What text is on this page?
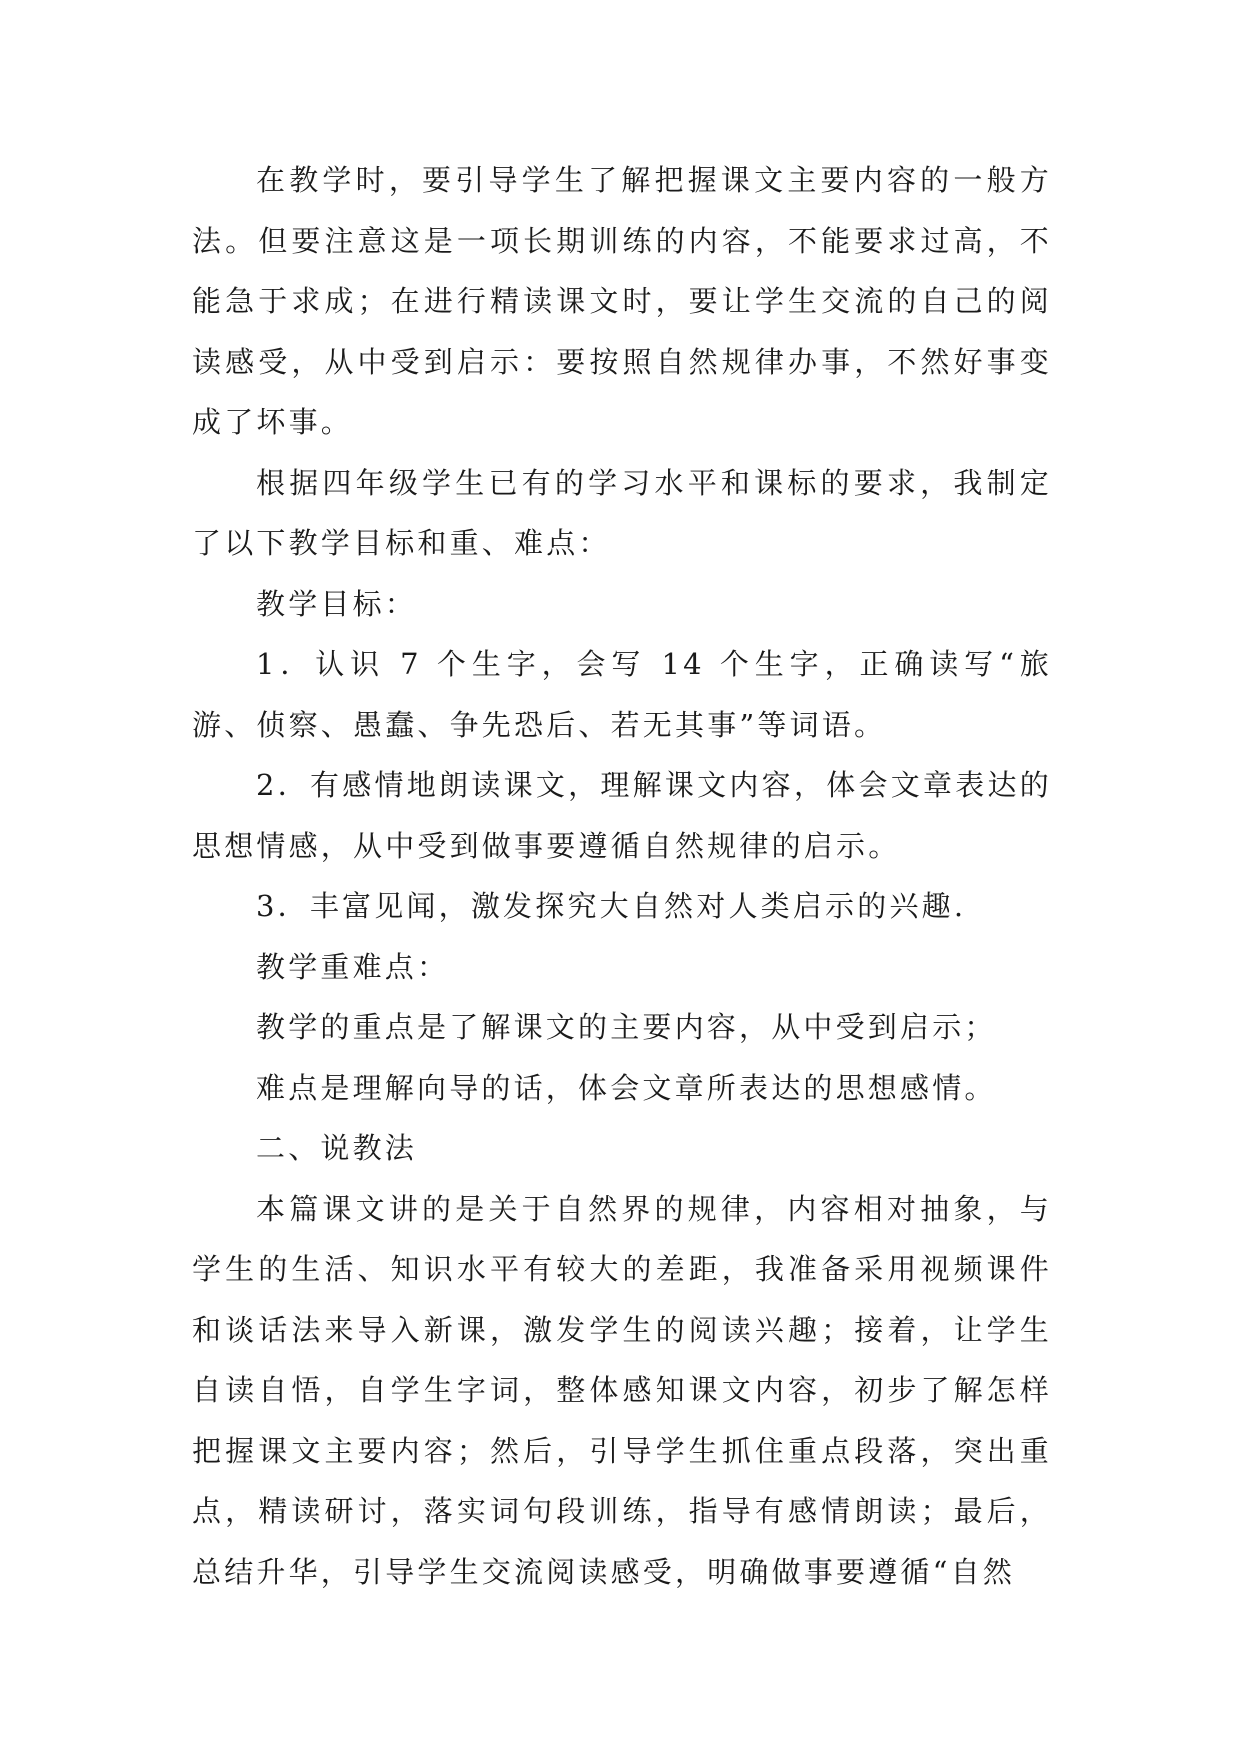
在教学时，要引导学生了解把握课文主要内容的一般方法。但要注意这是一项长期训练的内容，不能要求过高，不能急于求成；在进行精读课文时，要让学生交流的自己的阅读感受，从中受到启示：要按照自然规律办事，不然好事变成了坏事。

根据四年级学生已有的学习水平和课标的要求，我制定了以下教学目标和重、难点：

教学目标：

1．认识 7 个生字，会写 14 个生字，正确读写“旅游、侦察、愚蠢、争先恐后、若无其事”等词语。

2．有感情地朗读课文，理解课文内容，体会文章表达的思想情感，从中受到做事要遵循自然规律的启示。

3．丰富见闻，激发探究大自然对人类启示的兴趣.

教学重难点：

教学的重点是了解课文的主要内容，从中受到启示；

难点是理解向导的话，体会文章所表达的思想感情。

二、说教法

本篇课文讲的是关于自然界的规律，内容相对抽象，与学生的生活、知识水平有较大的差距，我准备采用视频课件和谈话法来导入新课，激发学生的阅读兴趣；接着，让学生自读自悟，自学生字词，整体感知课文内容，初步了解怎样把握课文主要内容；然后，引导学生抓住重点段落，突出重点，精读研讨，落实词句段训练，指导有感情朗读；最后，总结升华，引导学生交流阅读感受，明确做事要遵循“自然
